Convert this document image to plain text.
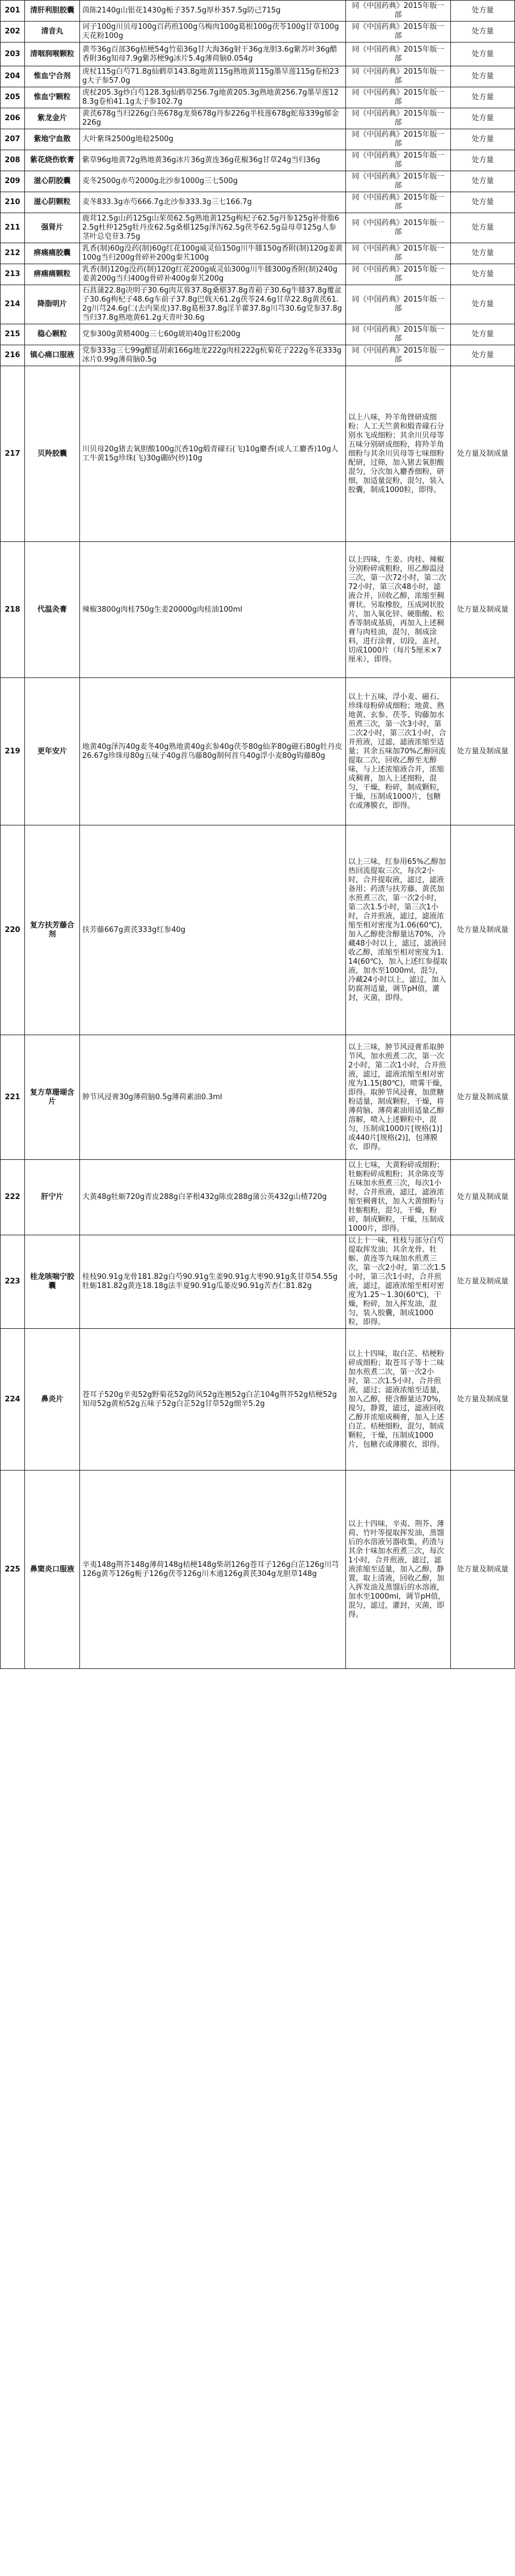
201	清肝利胆胶囊	茵陈2140g山银花1430g栀子357.5g厚朴357.5g防己715g	同《中国药典》2015年版一部	处方量
202	清音丸	诃子100g川贝母100g百药煎100g乌梅肉100g葛根100g茯苓100g甘草100g天花粉100g	同《中国药典》2015年版一部	处方量
203	清咽润喉颗粒	黄芩36g百部36g桔梗54g竹茹36g甘大海36g射干36g龙胆3.6g紫苏叶36g醋香附36g知母7.9g紫苏梗9g冰片5.4g薄荷脑0.054g	同《中国药典》2015年版一部	处方量
204	惟血宁合剂	虎杖115g白芍71.8g仙鹤草143.8g地黄115g熟地黄115g墨旱莲115g卷柏23g大子参57.0g	同《中国药典》2015年版一部	处方量
205	惟血宁颗粒	虎杖205.3g炒白芍128.3g仙鹤草256.7g地黄205.3g熟地黄256.7g墨旱莲128.3g卷柏41.1g太子参102.7g	同《中国药典》2015年版一部	处方量
206	紫龙金片	黄芪678g当归226g白英678g龙葵678g丹参226g半枝莲678g蛇莓339g郁金226g	同《中国药典》2015年版一部	处方量
207	紫地宁血散	大叶紫珠2500g地稔2500g	同《中国药典》2015年版一部	处方量
208	紫花烧伤软膏	紫草96g地黄72g熟地黄36g冰片36g黄连36g花椒36g甘草24g当归36g	同《中国药典》2015年版一部	处方量
209	滋心阴胶囊	麦冬2500g赤芍2000g北沙参1000g三七500g	同《中国药典》2015年版一部	处方量
210	滋心阴颗粒	麦冬833.3g赤芍666.7g北沙参333.3g三七166.7g	同《中国药典》2015年版一部	处方量
211	强肾片	鹿茸12.5g山药125g山茱萸62.5g熟地黄125g枸杞子62.5g丹参125g补骨脂62.5g杜仲125g牡丹皮62.5g桑椹125g泽泻62.5g茯苓62.5g益母草125g人参茎叶总皂苷3.75g	同《中国药典》2015年版一部	处方量
212	痹痛痛胶囊	乳香(制)60g没药(制)60g红花100g威灵仙150g川牛膝150g香附(制)120g姜黄100g当归200g骨碎补200g秦艽100g	同《中国药典》2015年版一部	处方量
213	痹痛痛颗粒	乳香(制)120g没药(制)120g红花200g威灵仙300g川牛膝300g香附(制)240g姜黄200g当归400g骨碎补400g秦艽200g	同《中国药典》2015年版一部	处方量
214	降脂明片	石菖蒲22.8g决明子30.6g肉苁蓉37.8g桑椹37.8g青葙子30.6g牛膝37.8g覆盆子30.6g枸杞子48.6g车前子37.8g巴戟天61.2g茯苓24.6g甘草22.8g黄芪61.2g川芎24.6g仁(去内果皮)37.8g葛根37.8g淫羊藿37.8g川芎30.6g党参37.8g当归37.8g熟地黄61.2g天青叶30.6g	同《中国药典》2015年版一部	处方量
215	稳心颗粒	党参300g黄精400g三七60g琥珀40g甘松200g	同《中国药典》2015年版一部	处方量
216	镇心痛口服液	党参333g三七99g醋延胡索166g地龙222g肉桂222g杭菊花子222g冬花333g冰片0.99g薄荷脑0.5g	同《中国药典》2015年版一部	处方量
217	贝羚胶囊	川贝母20g猪去氧胆酸100g沉香10g煅青礞石(飞)10g麝香(或人工麝香)10g人工牛黄15g珍珠(飞)30g硼砂(炒)10g	以上八味，羚羊角锉研成细粉；人工天竺黄和煅青礞石分别水飞成细粉；其余川贝母等五味分别研成细粉，将羚羊角细粉与其余川贝母等七味细粉配研，过筛，加入猪去氧胆酸混匀，分次加入麝香细粉，研细，加适量淀粉，混匀，装入胶囊，制成1000粒，即得。	处方量及制成量
218	代温灸膏	辣椒3800g肉桂750g生姜20000g肉桂油100ml	以上四味，生姜、肉桂、辣椒分别粉碎成粗粉，用乙醇温浸三次，第一次72小时，第二次72小时，第三次48小时，滤液合并，回收乙醇，浓缩至稠膏状。另取橡胶，压成网状胶片，加入氧化锌、硬脂酸、松香等制成基质，再加入上述稠膏与肉桂油，混匀，制成涂料，进行涂膏，切段，盖衬，切成1000片（每片5厘米×7厘米），即得。	处方量及制成量
219	更年安片	地黄40g泽泻40g麦冬40g熟地黄40g玄参40g茯苓80g仙茅80g磁石80g牡丹皮26.67g珍珠母80g五味子40g首乌藤80g制何首乌40g浮小麦80g钩藤80g	以上十五味，浮小麦、磁石、珍珠母粉碎成细粉；地黄、熟地黄、玄参、茯苓、钩藤加水煎煮三次，第一次3小时，第二次2小时，第三次1小时，合并煎液，过滤，滤液浓缩至适量；其余五味加70%乙醇回流提取二次，回收乙醇至无醇味，与上述浓缩液合并，浓缩成稠膏，加入上述细粉，混匀，干燥，粉碎，制成颗粒，干燥，压制成1000片，包糖衣或薄膜衣，即得。	处方量及制成量
220	复方扶芳藤合剂	扶芳藤667g黄芪333g红参40g	以上三味，红参用65%乙醇加热回流提取三次，每次2小时，合并提取液，滤过，滤液备用；药渣与扶芳藤、黄芪加水煎煮三次，第一次2小时，第二次1.5小时，第三次1小时，合并煎液，滤过，滤液浓缩至相对密度为1.06(60℃)，加入乙醇使含醇量达70%，冷藏48小时以上，滤过，滤液回收乙醇，浓缩至相对密度为1.14(60℃)，加入上述红参提取液，加水至1000ml，混匀，冷藏24小时以上，滤过，加入防腐剂适量，调节pH值，灌封，灭菌，即得。	处方量及制成量
221	复方草珊瑚含片	肿节风浸膏30g薄荷脑0.5g薄荷素油0.3ml	以上三味，肿节风浸膏系取肿节风，加水煎煮二次，第一次2小时，第二次1小时，合并煎液，滤过，滤液浓缩至相对密度为1.15(80℃)，喷雾干燥，即得。取肿节风浸膏，加蔗糖粉适量，制成颗粒，干燥，将薄荷脑、薄荷素油用适量乙醇溶解，喷入上述颗粒中，混匀，压制成1000片[规格(1)]或440片[规格(2)]，包薄膜衣，即得。	处方量及制成量
222	肝宁片	大黄48g牡蛎720g青皮288g白茅根432g陈皮288g蒲公英432g山楂720g	以上七味，大黄粉碎成细粉；牡蛎粉碎成粗粉；其余陈皮等五味加水煎煮三次，每次1小时，合并煎液，滤过，滤液浓缩至稠膏状，加入大黄细粉与牡蛎粗粉，混匀，干燥，粉碎，制成颗粒，干燥，压制成1000片，即得。	处方量及制成量
223	桂龙咳喘宁胶囊	桂枝90.91g龙骨181.82g白芍90.91g生姜90.91g大枣90.91g炙甘草54.55g牡蛎181.82g黄连18.18g法半夏90.91g瓜蒌皮90.91g苦杏仁81.82g	以上十一味，桂枝与部分白芍提取挥发油；其余龙骨、牡蛎、黄连等九味加水煎煮三次，第一次2小时，第二次1.5小时，第三次1小时，合并煎液，滤过，滤液浓缩至相对密度为1.25～1.30(60℃)，干燥，粉碎，加入挥发油，混匀，装入胶囊，制成1000粒，即得。	处方量及制成量
224	鼻炎片	苍耳子520g辛夷52g野菊花52g防风52g连翘52g白芷104g荆芥52g桔梗52g知母52g黄柏52g五味子52g白芷52g甘草52g细辛5.2g	以上十四味，取白芷、桔梗粉碎成细粉；取苍耳子等十二味加水煎煮二次，第一次2小时，第二次1.5小时，合并煎液，滤过；滤液浓缩至适量，加入乙醇，使含醇量达70%，搅匀，静置，滤过，滤液回收乙醇并浓缩成稠膏，加入上述白芷、桔梗细粉，混匀，制成颗粒，干燥，压制成1000片，包糖衣或薄膜衣，即得。	处方量及制成量
225	鼻窦炎口服液	辛夷148g荆芥148g薄荷148g桔梗148g柴胡126g苍耳子126g白芷126g川芎126g黄芩126g栀子126g茯苓126g川木通126g黄芪304g龙胆草148g	以上十四味，辛夷、荆芥、薄荷、竹叶等提取挥发油，蒸馏后的水溶液另器收集，药渣与其余十味加水煎煮三次，每次1小时，合并煎液，滤过，滤液浓缩至适量，加入乙醇，静置，取上清液，回收乙醇，加入挥发油及蒸馏后的水溶液，加水至1000ml，调节pH值，混匀，滤过，灌封，灭菌，即得。	处方量及制成量
